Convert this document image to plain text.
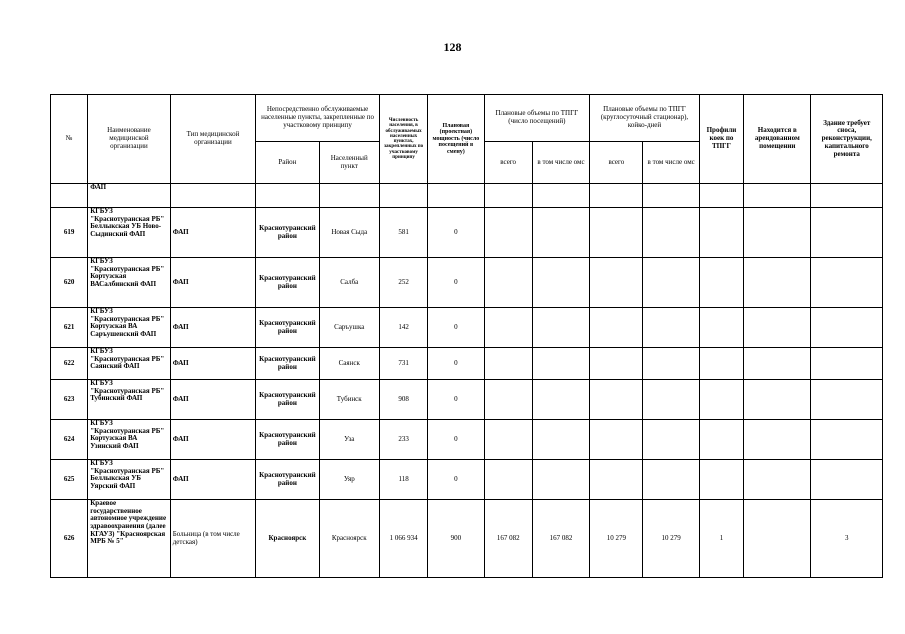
128
№	Наименование медицинской организации	Тип медицинской организации	Непосредственно обслуживаемые населенные пункты, закрепленные по участковому принципу		Численность населения, в обслуживаемых населенных пунктах, закрепленных по участковому принципу	Плановая (проектная) мощность (число посещений в смену)	Плановые объемы по ТПГГ (число посещений)		Плановые объемы по ТПГГ (круглосуточный стационар), койко-дней		Профили коек по ТПГГ	Находится в арендованном помещении	Здание требует сноса, реконструкции, капитального ремонта
			Район	Населенный пункт			всего	в том числе омс	всего	в том числе омс			
	ФАП												
619	КГБУЗ "Краснотуранская РБ" Беллыкская УБ Ново-Сыдинский ФАП	ФАП	Краснотуранский район	Новая Сыда	581	0							
620	КГБУЗ "Краснотуранская РБ" Кортузская ВАСалбинский ФАП	ФАП	Краснотуранский район	Салба	252	0							
621	КГБУЗ "Краснотуранская РБ" Кортузская ВА Саръушенский ФАП	ФАП	Краснотуранский район	Саръушка	142	0							
622	КГБУЗ "Краснотуранская РБ" Саянский ФАП	ФАП	Краснотуранский район	Саянск	731	0							
623	КГБУЗ "Краснотуранская РБ" Тубинский ФАП	ФАП	Краснотуранский район	Тубинск	908	0							
624	КГБУЗ "Краснотуранская РБ" Кортузская ВА Узинский ФАП	ФАП	Краснотуранский район	Уза	233	0							
625	КГБУЗ "Краснотуранская РБ" Беллыкская УБ Уярский ФАП	ФАП	Краснотуранский район	Уяр	118	0							
626	Краевое государственное автономное учреждение здравоохранения (далее КГАУЗ) "Красноярская МРБ № 5"	Больница (в том числе детская)	Красноярск	Красноярск	1 066 934	900	167 082	167 082	10 279	10 279	1		3
